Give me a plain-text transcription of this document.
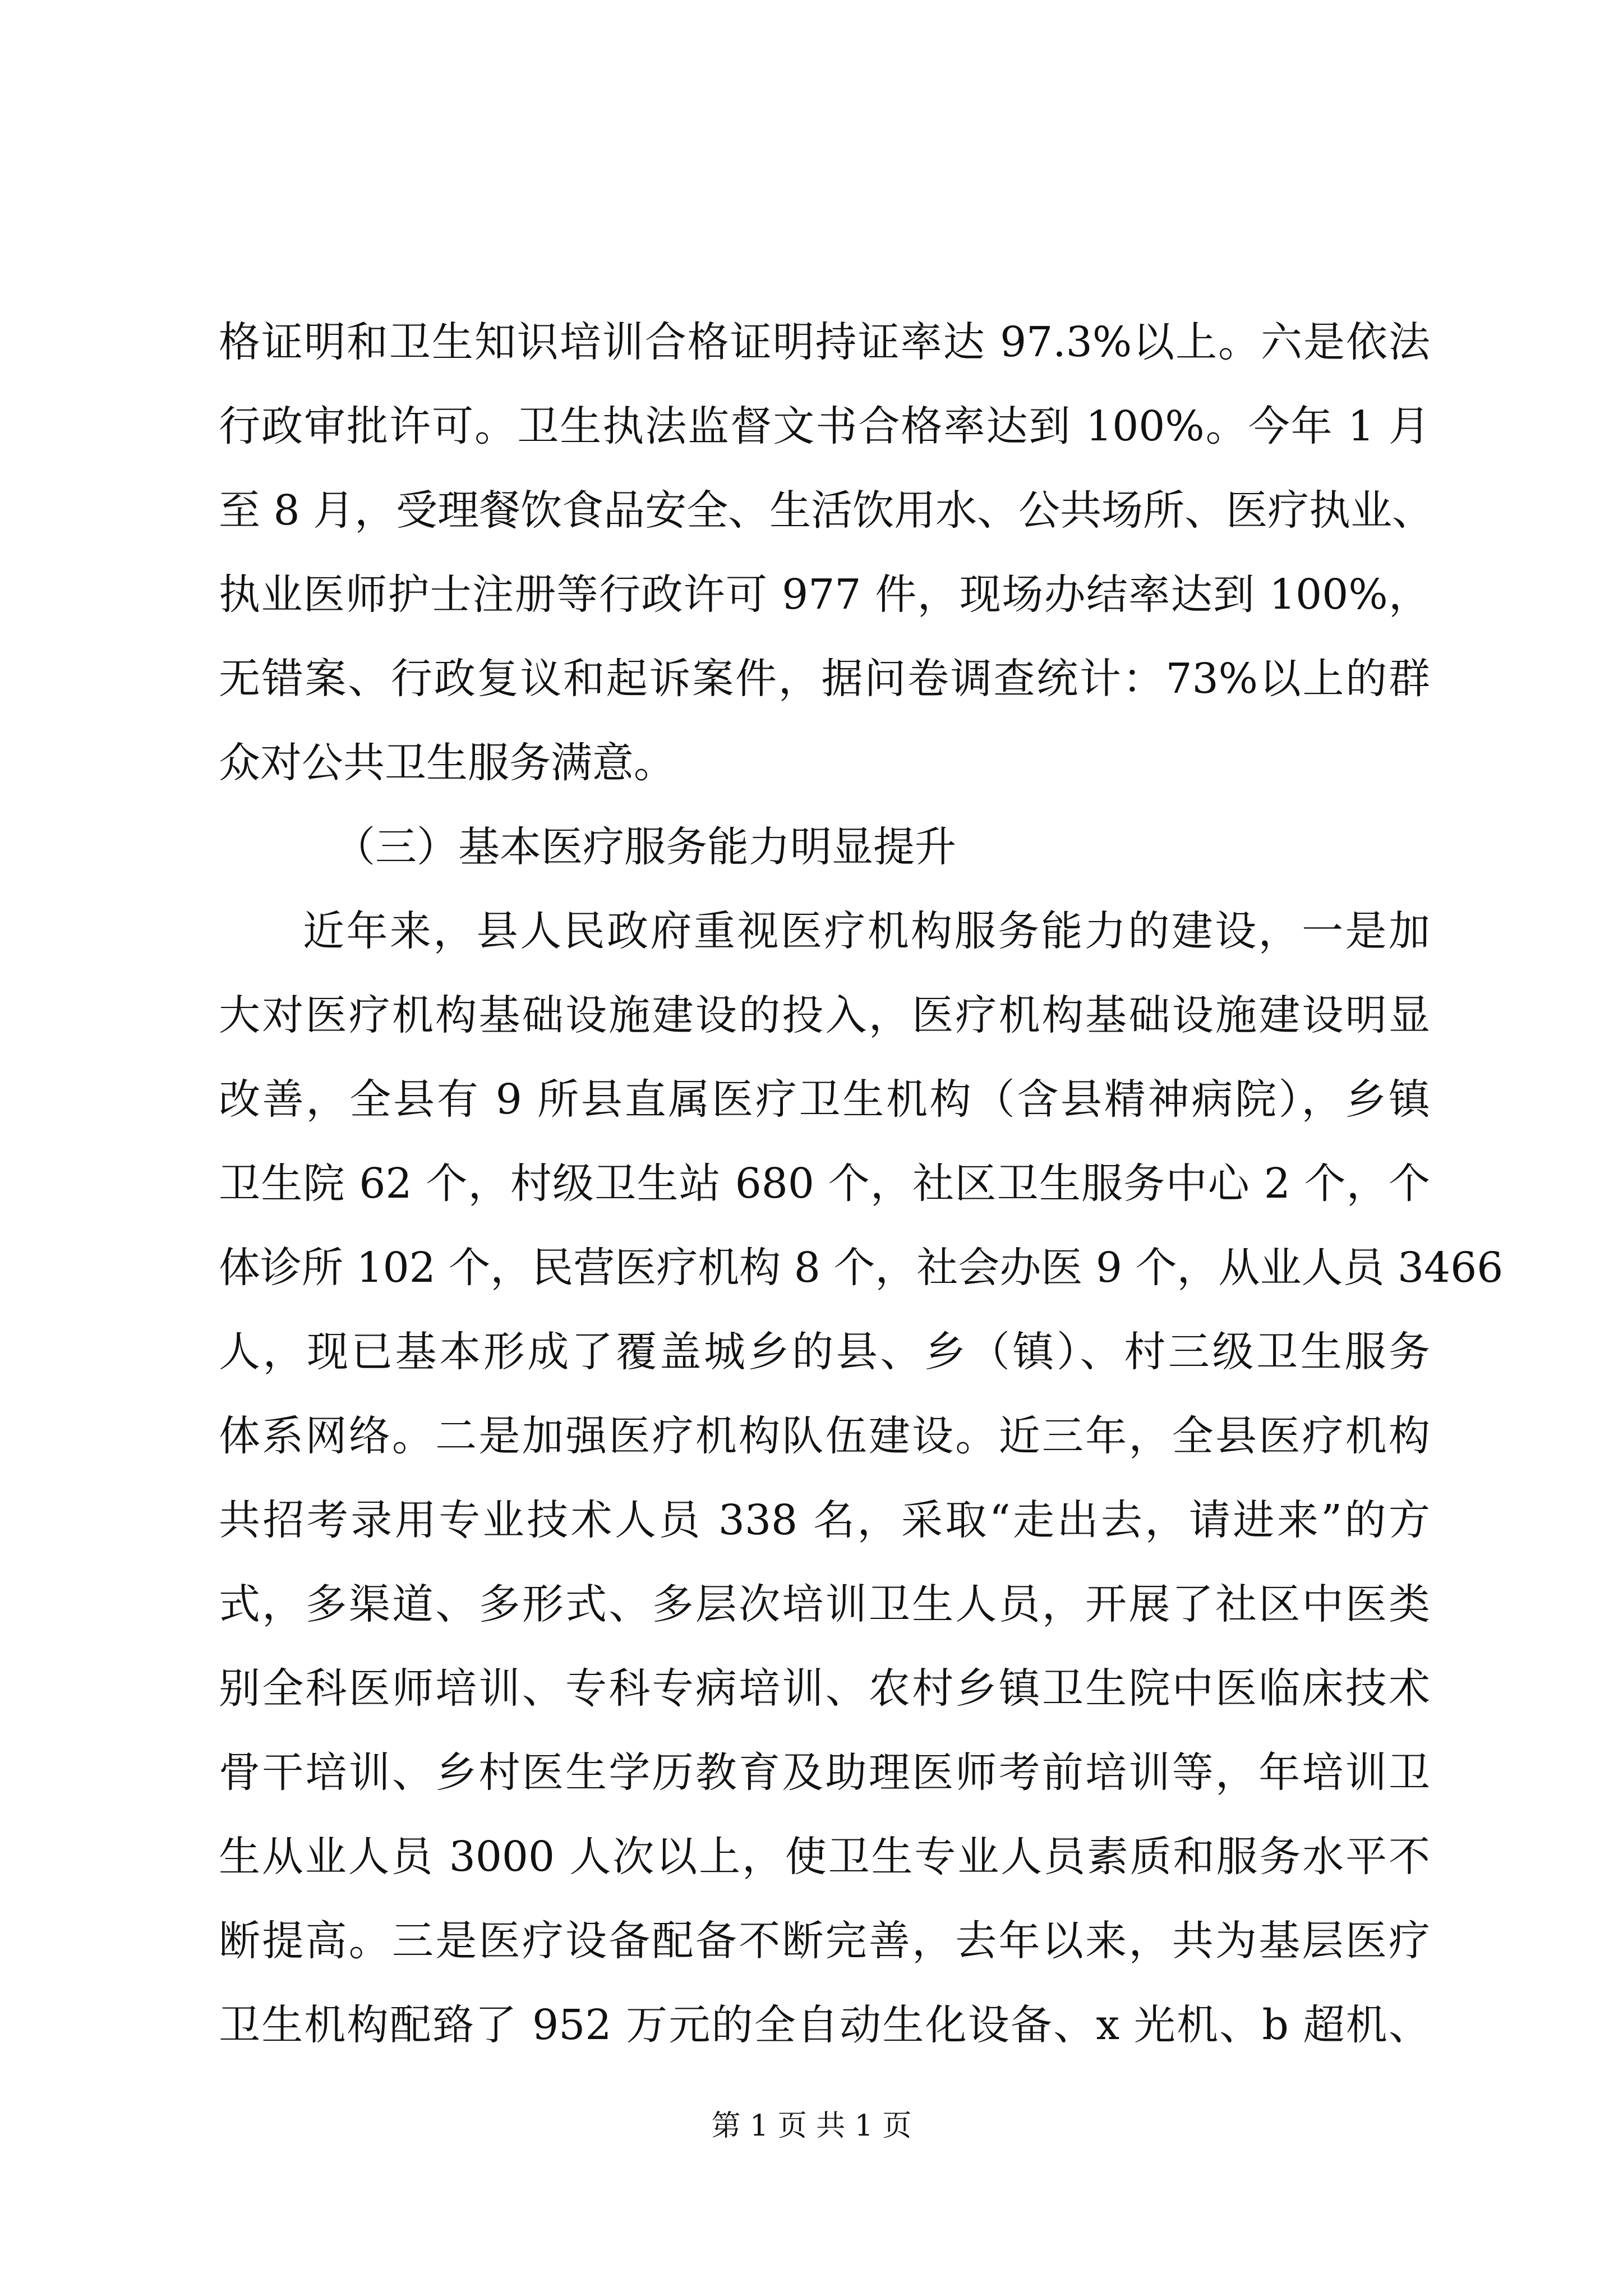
格证明和卫生知识培训合格证明持证率达 97.3%以上。六是依法
行政审批许可。卫生执法监督文书合格率达到 100%。今年 1 月
至 8 月，受理餐饮食品安全、生活饮用水、公共场所、医疗执业、
执业医师护士注册等行政许可 977 件，现场办结率达到 100%，
无错案、行政复议和起诉案件，据问卷调查统计：73%以上的群
众对公共卫生服务满意。
（三）基本医疗服务能力明显提升
近年来，县人民政府重视医疗机构服务能力的建设，一是加
大对医疗机构基础设施建设的投入，医疗机构基础设施建设明显
改善，全县有 9 所县直属医疗卫生机构（含县精神病院），乡镇
卫生院 62 个，村级卫生站 680 个，社区卫生服务中心 2 个，个
体诊所 102 个，民营医疗机构 8 个，社会办医 9 个，从业人员 3466
人，现已基本形成了覆盖城乡的县、乡（镇）、村三级卫生服务
体系网络。二是加强医疗机构队伍建设。近三年，全县医疗机构
共招考录用专业技术人员 338 名，采取“走出去，请进来”的方
式，多渠道、多形式、多层次培训卫生人员，开展了社区中医类
别全科医师培训、专科专病培训、农村乡镇卫生院中医临床技术
骨干培训、乡村医生学历教育及助理医师考前培训等，年培训卫
生从业人员 3000 人次以上，使卫生专业人员素质和服务水平不
断提高。三是医疗设备配备不断完善，去年以来，共为基层医疗
卫生机构配臵了 952 万元的全自动生化设备、x 光机、b 超机、
第 1 页 共 1 页
